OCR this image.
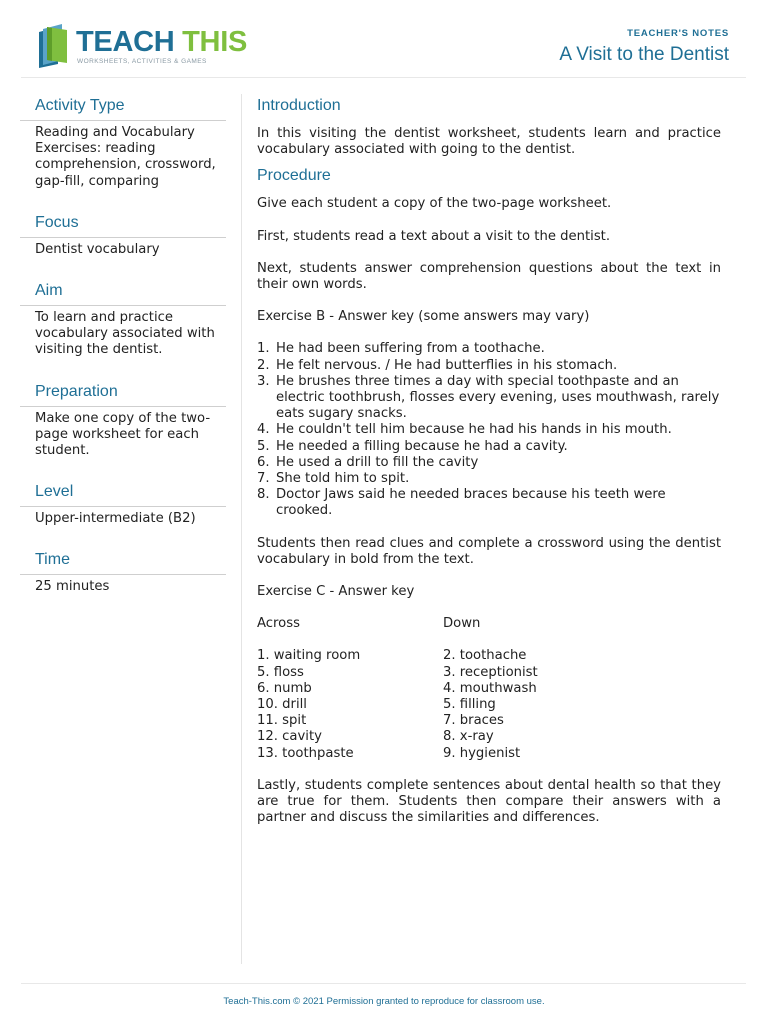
TEACH THIS
WORKSHEETS, ACTIVITIES & GAMES
TEACHER'S NOTES
A Visit to the Dentist
Activity Type
Reading and Vocabulary Exercises: reading comprehension, crossword, gap-fill, comparing
Focus
Dentist vocabulary
Aim
To learn and practice vocabulary associated with visiting the dentist.
Preparation
Make one copy of the two-page worksheet for each student.
Level
Upper-intermediate (B2)
Time
25 minutes
Introduction

In this visiting the dentist worksheet, students learn and practice vocabulary associated with going to the dentist.

Procedure

Give each student a copy of the two-page worksheet.

First, students read a text about a visit to the dentist.

Next, students answer comprehension questions about the text in their own words.

Exercise B - Answer key (some answers may vary)

1. He had been suffering from a toothache.
2. He felt nervous. / He had butterflies in his stomach.
3. He brushes three times a day with special toothpaste and an electric toothbrush, flosses every evening, uses mouthwash, rarely eats sugary snacks.
4. He couldn't tell him because he had his hands in his mouth.
5. He needed a filling because he had a cavity.
6. He used a drill to fill the cavity
7. She told him to spit.
8. Doctor Jaws said he needed braces because his teeth were crooked.

Students then read clues and complete a crossword using the dentist vocabulary in bold from the text.

Exercise C - Answer key

Across
1. waiting room
5. floss
6. numb
10. drill
11. spit
12. cavity
13. toothpaste
Down
2. toothache
3. receptionist
4. mouthwash
5. filling
7. braces
8. x-ray
9. hygienist

Lastly, students complete sentences about dental health so that they are true for them. Students then compare their answers with a partner and discuss the similarities and differences.

Teach-This.com © 2021 Permission granted to reproduce for classroom use.
